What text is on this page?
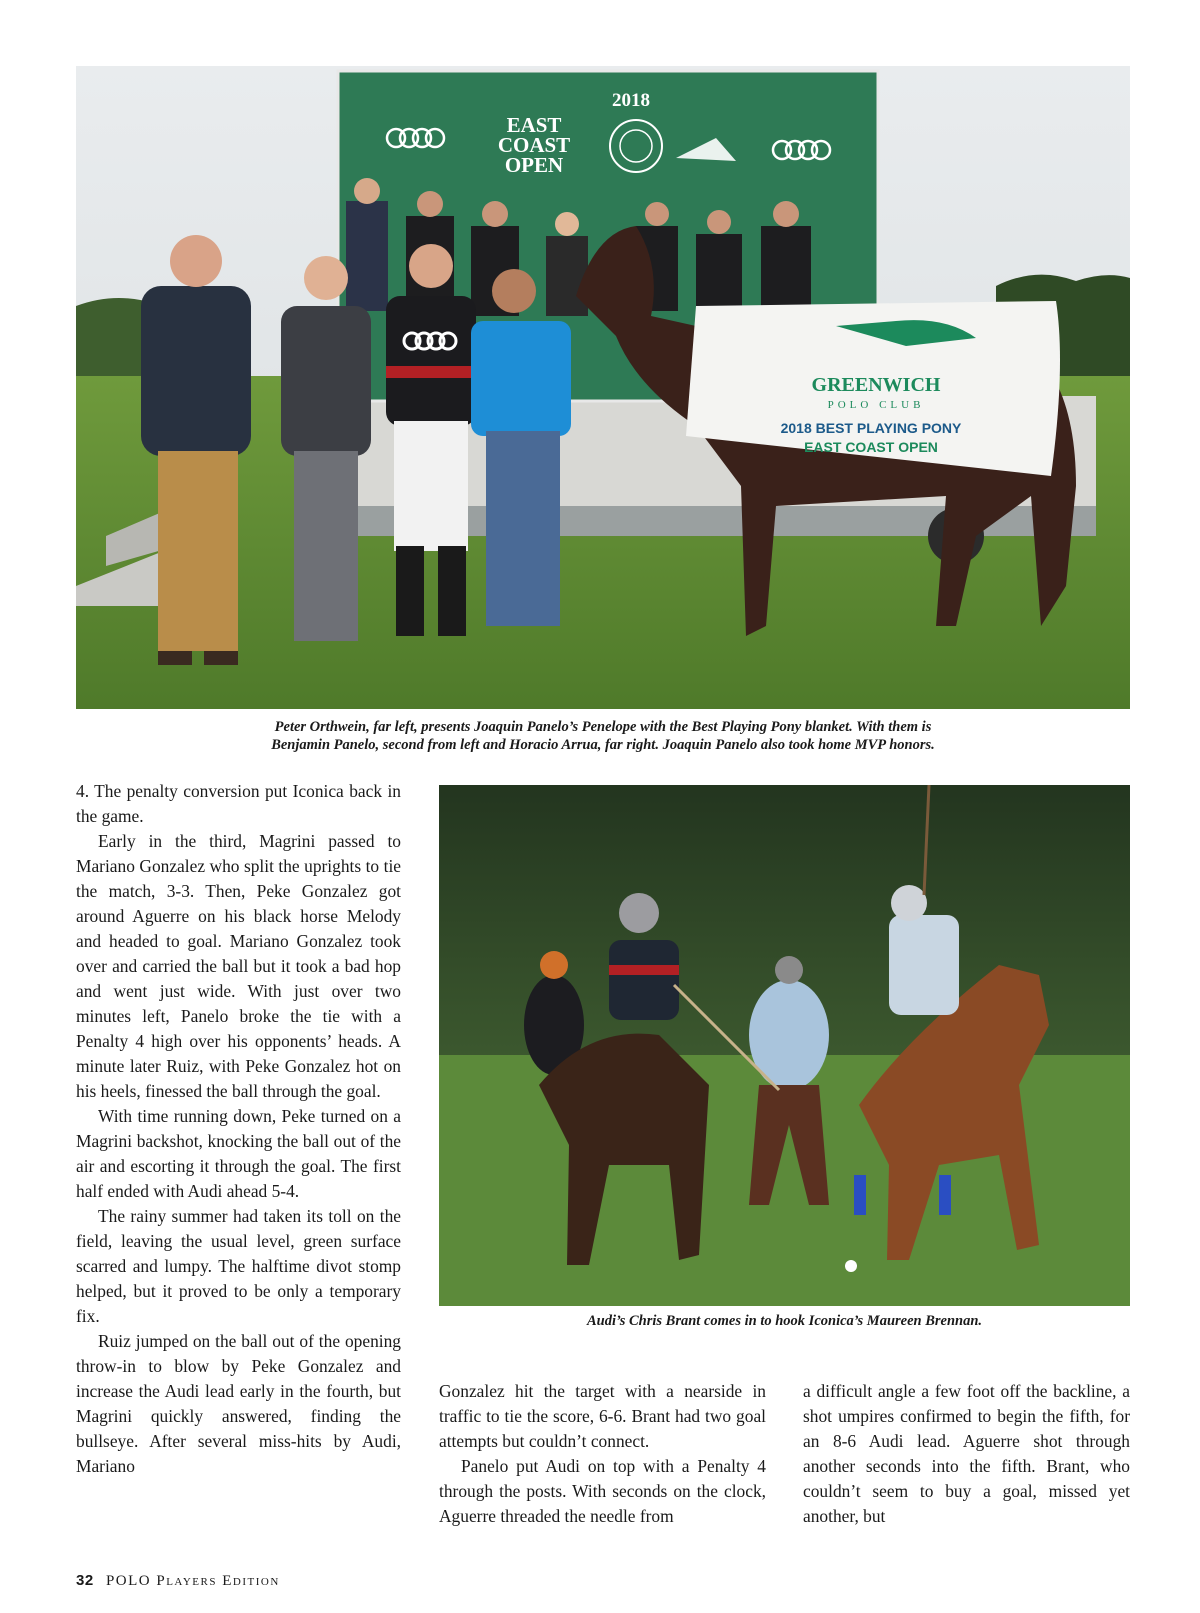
2018
EAST
COAST
OPEN
GREENWICH
POLO CLUB
2018 BEST PLAYING PONY
EAST COAST OPEN
Peter Orthwein, far left, presents Joaquin Panelo’s Penelope with the Best Playing Pony blanket. With them is
Benjamin Panelo, second from left and Horacio Arrua, far right. Joaquin Panelo also took home MVP honors.

4. The penalty conversion put Iconica back in the game.

Early in the third, Magrini passed to Mariano Gonzalez who split the uprights to tie the match, 3-3. Then, Peke Gonzalez got around Aguerre on his black horse Melody and headed to goal. Mariano Gonzalez took over and carried the ball but it took a bad hop and went just wide. With just over two minutes left, Panelo broke the tie with a Penalty 4 high over his opponents’ heads. A minute later Ruiz, with Peke Gonzalez hot on his heels, finessed the ball through the goal.

With time running down, Peke turned on a Magrini backshot, knocking the ball out of the air and escorting it through the goal. The first half ended with Audi ahead 5-4.

The rainy summer had taken its toll on the field, leaving the usual level, green surface scarred and lumpy. The halftime divot stomp helped, but it proved to be only a temporary fix.

Ruiz jumped on the ball out of the opening throw-in to blow by Peke Gonzalez and increase the Audi lead early in the fourth, but Magrini quickly answered, finding the bullseye. After several miss-hits by Audi, Mariano

Audi’s Chris Brant comes in to hook Iconica’s Maureen Brennan.

Gonzalez hit the target with a nearside in traffic to tie the score, 6-6. Brant had two goal attempts but couldn’t connect.

Panelo put Audi on top with a Penalty 4 through the posts. With seconds on the clock, Aguerre threaded the needle from

a difficult angle a few foot off the backline, a shot umpires confirmed to begin the fifth, for an 8-6 Audi lead. Aguerre shot through another seconds into the fifth. Brant, who couldn’t seem to buy a goal, missed yet another, but

32 POLO Players Edition
